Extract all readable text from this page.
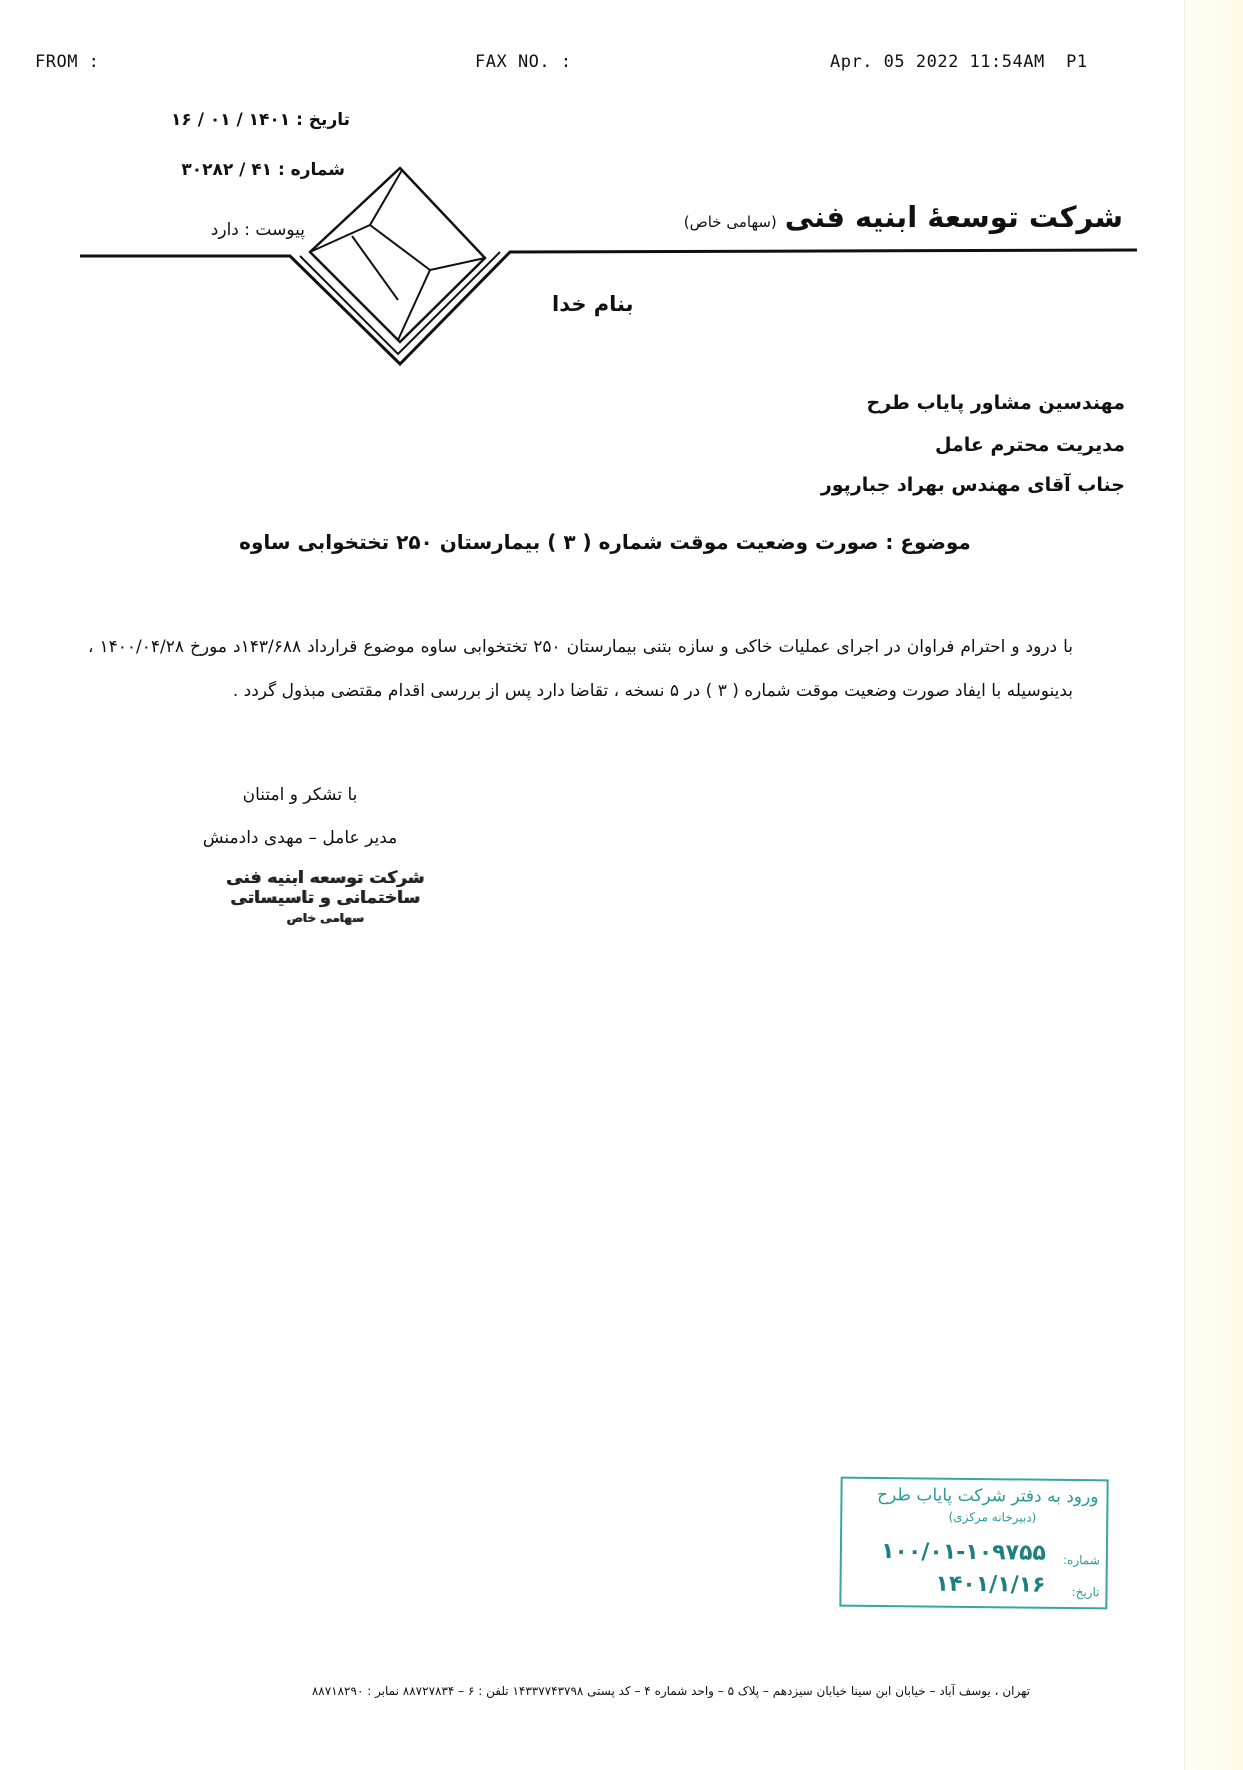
FROM :	FAX NO. :	Apr. 05 2022 11:54AM  P1
تاریخ : ۱۴۰۱ / ۰۱ / ۱۶
شماره : ۴۱ / ۳۰۲۸۲
پیوست : دارد	شرکت توسعهٔ ابنیه فنی(سهامی خاص)
بنام خدا
مهندسین مشاور پایاب طرح
مدیریت محترم عامل
جناب آقای مهندس بهراد جبارپور
موضوع : صورت وضعیت موقت شماره ( ۳ ) بیمارستان ۲۵۰ تختخوابی ساوه
با درود و احترام فراوان در اجرای عملیات خاکی و سازه بتنی بیمارستان ۲۵۰ تختخوابی ساوه موضوع قرارداد ۱۴۳/۶۸۸د مورخ ۱۴۰۰/۰۴/۲۸ ، بدینوسیله با ایفاد صورت وضعیت موقت شماره ( ۳ ) در ۵ نسخه ، تقاضا دارد پس از بررسی اقدام مقتضی مبذول گردد .
با تشکر و امتنان
مدیر عامل – مهدی دادمنش
شرکت توسعه ابنیه فنی
ساختمانی و تاسیساتی
سهامی خاص
ورود به دفتر شرکت پایاب طرح
(دبیرخانه مرکزی)
شماره:
۱۰۰/۰۱-۱۰۹۷۵۵
تاریخ:
۱۴۰۱/۱/۱۶
تهران ، یوسف آباد – خیابان ابن سینا خیابان سیزدهم – پلاک ۵ – واحد شماره ۴ – کد پستی ۱۴۳۳۷۷۴۳۷۹۸ تلفن : ۶ – ۸۸۷۲۷۸۳۴ نمابر : ۸۸۷۱۸۲۹۰
